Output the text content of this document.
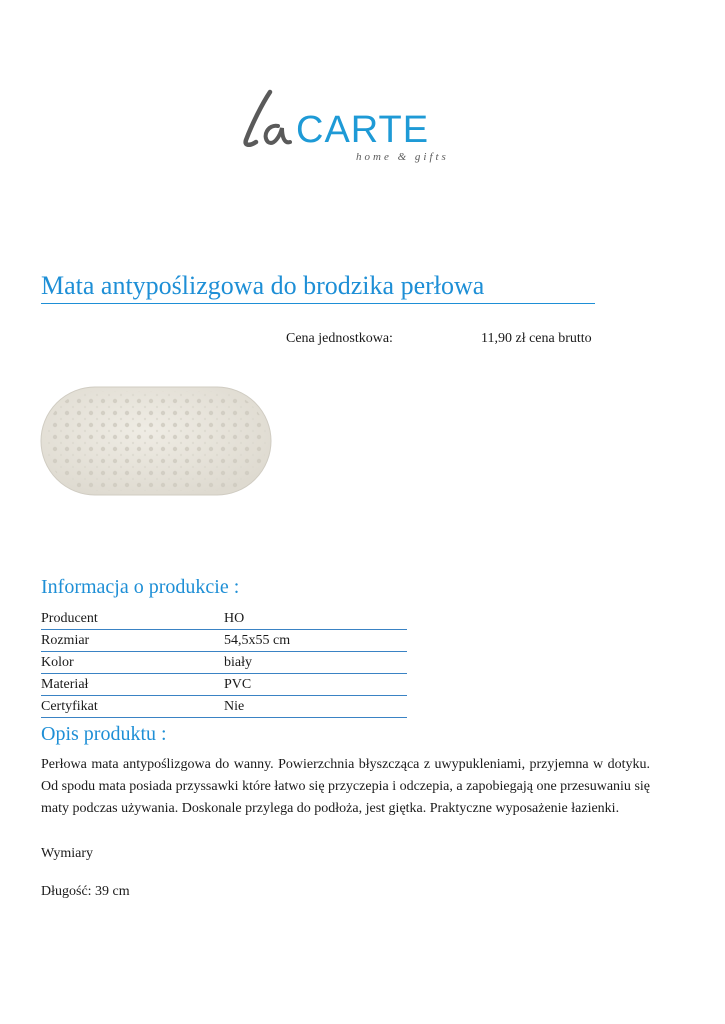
CARTE
home & gifts
Mata antypoślizgowa do brodzika perłowa
Cena jednostkowa:	11,90 zł cena brutto
Informacja o produkcie :
Producent	HO
Rozmiar	54,5x55 cm
Kolor	biały
Materiał	PVC
Certyfikat	Nie
Opis produktu :

Perłowa mata antypoślizgowa do wanny. Powierzchnia błyszcząca z uwypukleniami, przyjemna w dotyku. Od spodu mata posiada przyssawki które łatwo się przyczepia i odczepia, a zapobiegają one przesuwaniu się maty podczas używania. Doskonale przylega do podłoża, jest giętka. Praktyczne wyposażenie łazienki.

Wymiary
Długość: 39 cm
